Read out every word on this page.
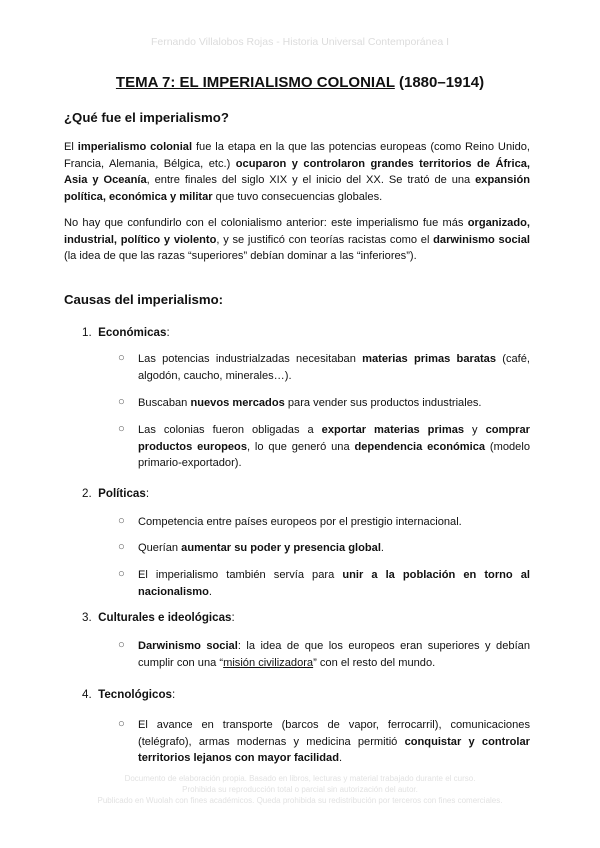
Fernando Villalobos Rojas - Historia Universal Contemporánea I
TEMA 7: EL IMPERIALISMO COLONIAL (1880–1914)
¿Qué fue el imperialismo?

El imperialismo colonial fue la etapa en la que las potencias europeas (como Reino Unido, Francia, Alemania, Bélgica, etc.) ocuparon y controlaron grandes territorios de África, Asia y Oceanía, entre finales del siglo XIX y el inicio del XX. Se trató de una expansión política, económica y militar que tuvo consecuencias globales.

No hay que confundirlo con el colonialismo anterior: este imperialismo fue más organizado, industrial, político y violento, y se justificó con teorías racistas como el darwinismo social (la idea de que las razas “superiores” debían dominar a las “inferiores”).

Causas del imperialismo:

1. Económicas:

○ Las potencias industrialzadas necesitaban materias primas baratas (café, algodón, caucho, minerales…).

○ Buscaban nuevos mercados para vender sus productos industriales.

○ Las colonias fueron obligadas a exportar materias primas y comprar productos europeos, lo que generó una dependencia económica (modelo primario-exportador).

2. Políticas:

○ Competencia entre países europeos por el prestigio internacional.

○ Querían aumentar su poder y presencia global.

○ El imperialismo también servía para unir a la población en torno al nacionalismo.

3. Culturales e ideológicas:

○ Darwinismo social: la idea de que los europeos eran superiores y debían cumplir con una “misión civilizadora” con el resto del mundo.

4. Tecnológicos:

○ El avance en transporte (barcos de vapor, ferrocarril), comunicaciones (telégrafo), armas modernas y medicina permitió conquistar y controlar territorios lejanos con mayor facilidad.

Documento de elaboración propia. Basado en libros, lecturas y material trabajado durante el curso.
Prohibida su reproducción total o parcial sin autorización del autor.
Publicado en Wuolah con fines académicos. Queda prohibida su redistribución por terceros con fines comerciales.
